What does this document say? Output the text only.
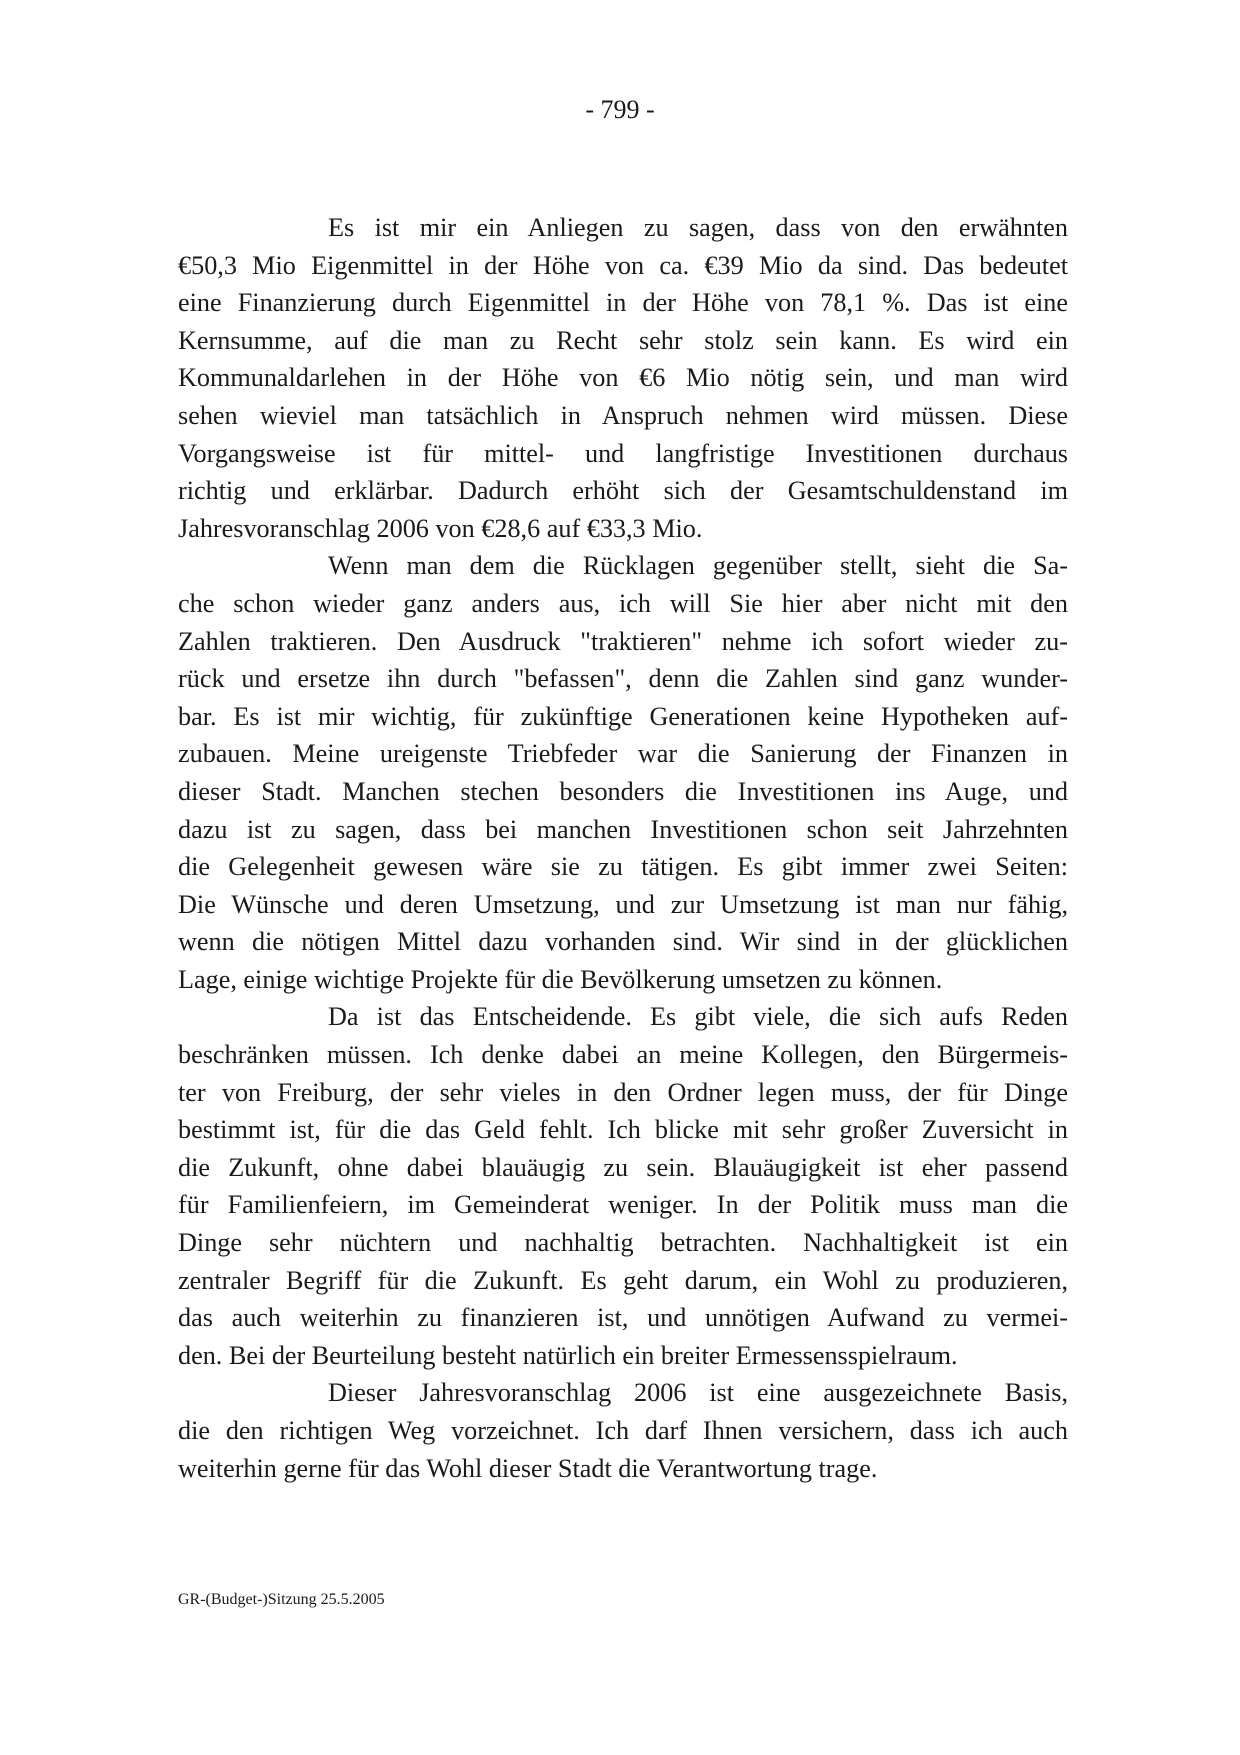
- 799 -

Es ist mir ein Anliegen zu sagen, dass von den erwähnten
€50,3 Mio Eigenmittel in der Höhe von ca. €39 Mio da sind. Das bedeutet
eine Finanzierung durch Eigenmittel in der Höhe von 78,1 %. Das ist eine
Kernsumme, auf die man zu Recht sehr stolz sein kann. Es wird ein
Kommunaldarlehen in der Höhe von €6 Mio nötig sein, und man wird
sehen wieviel man tatsächlich in Anspruch nehmen wird müssen. Diese
Vorgangsweise ist für mittel- und langfristige Investitionen durchaus
richtig und erklärbar. Dadurch erhöht sich der Gesamtschuldenstand im
Jahresvoranschlag 2006 von €28,6 auf €33,3 Mio.

Wenn man dem die Rücklagen gegenüber stellt, sieht die Sa-
che schon wieder ganz anders aus, ich will Sie hier aber nicht mit den
Zahlen traktieren. Den Ausdruck "traktieren" nehme ich sofort wieder zu-
rück und ersetze ihn durch "befassen", denn die Zahlen sind ganz wunder-
bar. Es ist mir wichtig, für zukünftige Generationen keine Hypotheken auf-
zubauen. Meine ureigenste Triebfeder war die Sanierung der Finanzen in
dieser Stadt. Manchen stechen besonders die Investitionen ins Auge, und
dazu ist zu sagen, dass bei manchen Investitionen schon seit Jahrzehnten
die Gelegenheit gewesen wäre sie zu tätigen. Es gibt immer zwei Seiten:
Die Wünsche und deren Umsetzung, und zur Umsetzung ist man nur fähig,
wenn die nötigen Mittel dazu vorhanden sind. Wir sind in der glücklichen
Lage, einige wichtige Projekte für die Bevölkerung umsetzen zu können.

Da ist das Entscheidende. Es gibt viele, die sich aufs Reden
beschränken müssen. Ich denke dabei an meine Kollegen, den Bürgermeis-
ter von Freiburg, der sehr vieles in den Ordner legen muss, der für Dinge
bestimmt ist, für die das Geld fehlt. Ich blicke mit sehr großer Zuversicht in
die Zukunft, ohne dabei blauäugig zu sein. Blauäugigkeit ist eher passend
für Familienfeiern, im Gemeinderat weniger. In der Politik muss man die
Dinge sehr nüchtern und nachhaltig betrachten. Nachhaltigkeit ist ein
zentraler Begriff für die Zukunft. Es geht darum, ein Wohl zu produzieren,
das auch weiterhin zu finanzieren ist, und unnötigen Aufwand zu vermei-
den. Bei der Beurteilung besteht natürlich ein breiter Ermessensspielraum.

Dieser Jahresvoranschlag 2006 ist eine ausgezeichnete Basis,
die den richtigen Weg vorzeichnet. Ich darf Ihnen versichern, dass ich auch
weiterhin gerne für das Wohl dieser Stadt die Verantwortung trage.

GR-(Budget-)Sitzung 25.5.2005
